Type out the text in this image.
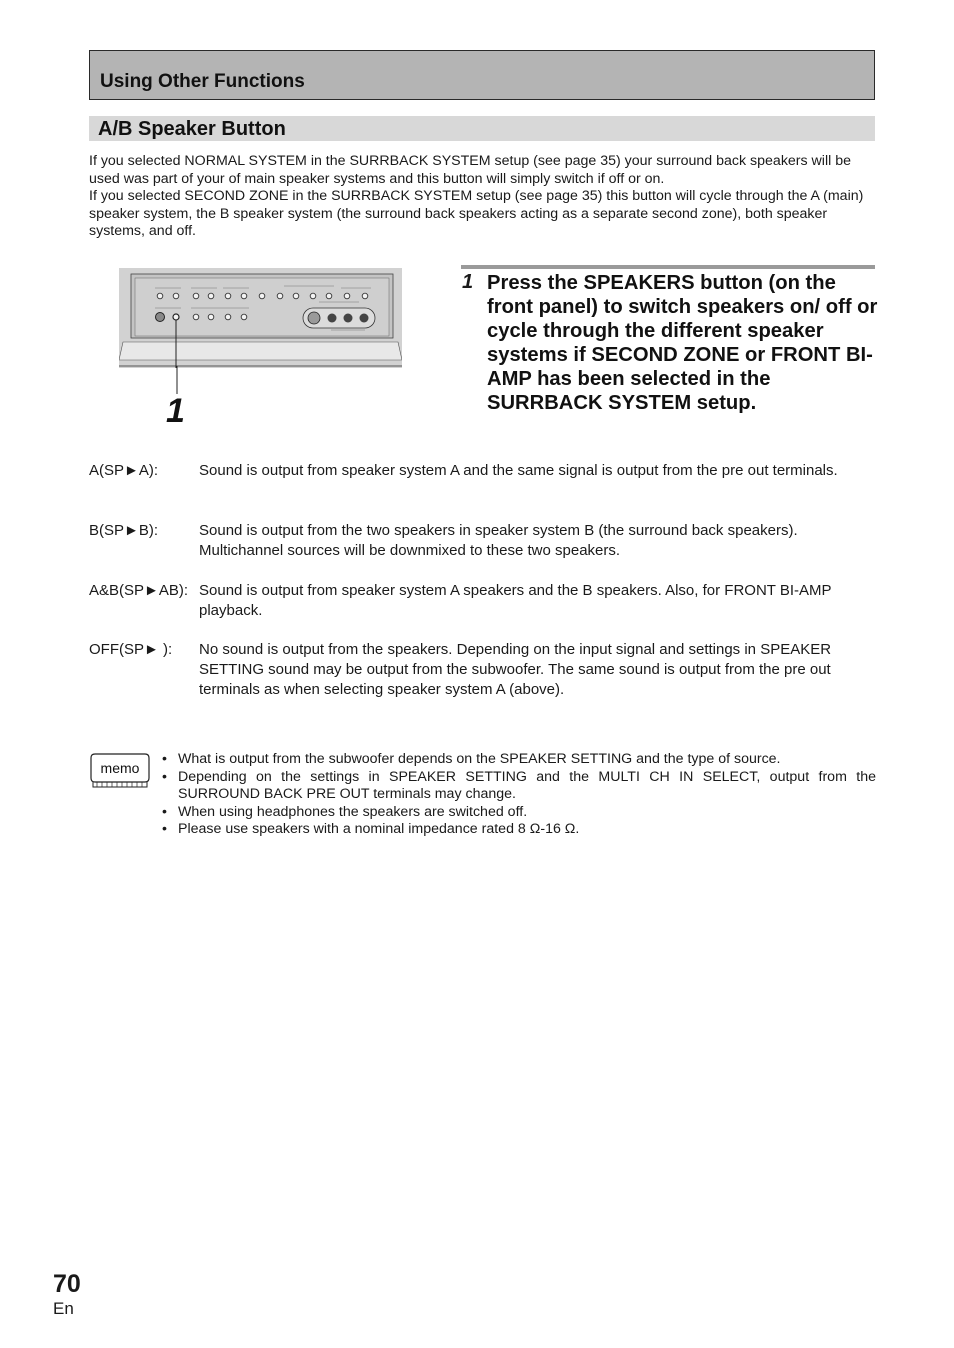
Using Other Functions
A/B Speaker Button

If you selected NORMAL SYSTEM in the SURRBACK SYSTEM setup (see page 35) your surround back speakers will be used was part of your of main speaker systems and this button will simply switch if off or on.

If you selected SECOND ZONE in the SURRBACK SYSTEM setup (see page 35) this button will cycle through the A (main) speaker system, the B speaker system (the surround back speakers acting as a separate second zone), both speaker systems, and off.

1
1 Press the SPEAKERS button (on the front panel) to switch speakers on/ off or cycle through the different speaker systems if SECOND ZONE or FRONT BI-AMP has been selected in the SURRBACK SYSTEM setup.
A(SP►A):	Sound is output from speaker system A and the same signal is output from the pre out terminals.
B(SP►B):	Sound is output from the two speakers in speaker system B (the surround back speakers). Multichannel sources will be downmixed to these two speakers.
A&B(SP►AB): Sound is output from speaker system A speakers and the B speakers. Also, for FRONT BI-AMP playback.
OFF(SP► ): No sound is output from the speakers. Depending on the input signal and settings in SPEAKER SETTING sound may be output from the subwoofer. The same sound is output from the pre out terminals as when selecting speaker system A (above).
memo
• What is output from the subwoofer depends on the SPEAKER SETTING and the type of source.
• Depending on the settings in SPEAKER SETTING and the MULTI CH IN SELECT, output from the SURROUND BACK PRE OUT terminals may change.
• When using headphones the speakers are switched off.
• Please use speakers with a nominal impedance rated 8 Ω-16 Ω.
70
En
